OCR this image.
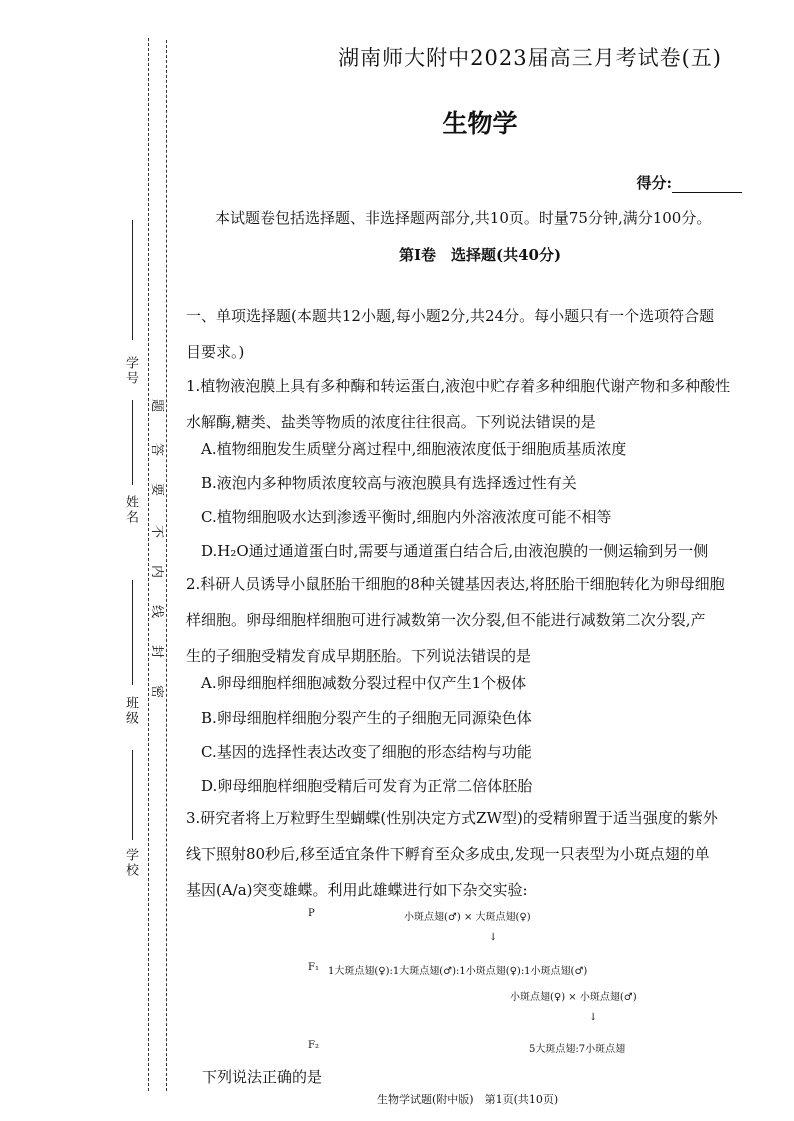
学号
姓名
班级
学校
题
答
要
不
内
线
封
密
湖南师大附中2023届高三月考试卷(五)
生物学
得分:
本试题卷包括选择题、非选择题两部分,共10页。时量75分钟,满分100分。
第Ⅰ卷　选择题(共40分)
一、单项选择题(本题共12小题,每小题2分,共24分。每小题只有一个选项符合题
目要求。)
1.植物液泡膜上具有多种酶和转运蛋白,液泡中贮存着多种细胞代谢产物和多种酸性
水解酶,糖类、盐类等物质的浓度往往很高。下列说法错误的是
A.植物细胞发生质壁分离过程中,细胞液浓度低于细胞质基质浓度
B.液泡内多种物质浓度较高与液泡膜具有选择透过性有关
C.植物细胞吸水达到渗透平衡时,细胞内外溶液浓度可能不相等
D.H₂O通过通道蛋白时,需要与通道蛋白结合后,由液泡膜的一侧运输到另一侧
2.科研人员诱导小鼠胚胎干细胞的8种关键基因表达,将胚胎干细胞转化为卵母细胞
样细胞。卵母细胞样细胞可进行减数第一次分裂,但不能进行减数第二次分裂,产
生的子细胞受精发育成早期胚胎。下列说法错误的是
A.卵母细胞样细胞减数分裂过程中仅产生1个极体
B.卵母细胞样细胞分裂产生的子细胞无同源染色体
C.基因的选择性表达改变了细胞的形态结构与功能
D.卵母细胞样细胞受精后可发育为正常二倍体胚胎
3.研究者将上万粒野生型蝴蝶(性别决定方式ZW型)的受精卵置于适当强度的紫外
线下照射80秒后,移至适宜条件下孵育至众多成虫,发现一只表型为小斑点翅的单
基因(A/a)突变雄蝶。利用此雄蝶进行如下杂交实验:
P	小斑点翅(♂) × 大斑点翅(♀)
↓
F₁ 1大斑点翅(♀):1大斑点翅(♂):1小斑点翅(♀):1小斑点翅(♂)
小斑点翅(♀) × 小斑点翅(♂)
↓
F₂	5大斑点翅:7小斑点翅
下列说法正确的是
生物学试题(附中版)　第1页(共10页)
